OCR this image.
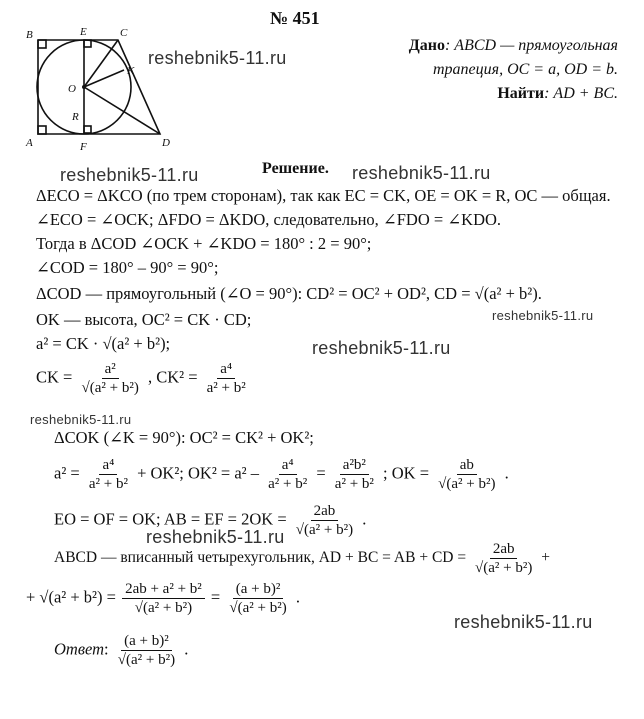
№ 451
B	E	C
K
O
R
A	F	D
Дано: ABCD — прямоугольная
трапеция, OC = a, OD = b.
Найти: AD + BC.
reshebnik5-11.ru
reshebnik5-11.ru	reshebnik5-11.ru
reshebnik5-11.ru
reshebnik5-11.ru
reshebnik5-11.ru
reshebnik5-11.ru
reshebnik5-11.ru
Решение.
ΔECO = ΔKCO (по трем сторонам), так как EC = CK, OE = OK = R, OC — общая.
∠ECO = ∠OCK; ΔFDO = ΔKDO, следовательно, ∠FDO = ∠KDO.
Тогда в ΔCOD ∠OCK + ∠KDO = 180° : 2 = 90°;
∠COD = 180° – 90° = 90°;
ΔCOD — прямоугольный (∠O = 90°): CD² = OC² + OD², CD = √(a² + b²).
OK — высота, OC² = CK · CD;
a² = CK · √(a² + b²);
CK = $\frac{\text{a²}}{\text{√(a² + b²)}}$ , $CK^2 = \frac{\text{a⁴}}{\text{a² + b²}}$
ΔCOK (∠K = 90°): OC² = CK² + OK²;
$a^2 = \frac{\text{a⁴}}{\text{a² + b²}} + OK^2$; $OK^2 = a^2 - \frac{\text{a⁴}}{\text{a² + b²}} = \frac{\text{a²b²}}{\text{a² + b²}}$ ; OK = $\frac{ab}{\text{√(a² + b²)}}$ .
EO = OF = OK; AB = EF = $2OK = \frac{2ab}{\text{√(a² + b²)}}$ .
ABCD — вписанный четырехугольник, AD + BC = AB + CD = $\frac{2ab}{\text{√(a² + b²)}}$ +
+ $√(a^2 + b^2) = \frac{\text{2ab + a² + b²}}{\text{√(a² + b²)}} = \frac{\text{(a + b)²}}{\text{√(a² + b²)}}$ .
Ответ: $\frac{\text{(a + b)²}}{\text{√(a² + b²)}}$ .
